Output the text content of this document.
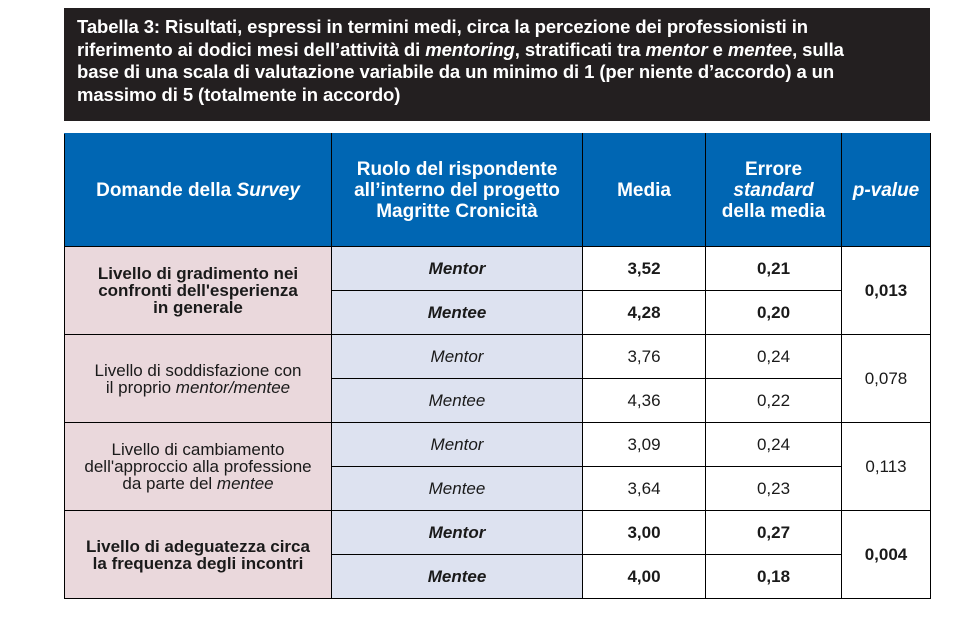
Tabella 3: Risultati, espressi in termini medi, circa la percezione dei professionisti in
riferimento ai dodici mesi dell’attività di mentoring, stratificati tra mentor e mentee, sulla
base di una scala di valutazione variabile da un minimo di 1 (per niente d’accordo) a un
massimo di 5 (totalmente in accordo)
Domande della Survey	Ruolo del rispondente
all’interno del progetto
Magritte Cronicità	Media	Errore
standard
della media	p-value

Livello di gradimento nei
confronti dell'esperienza
in generale	Mentor	3,52	0,21	0,013
	Mentee	4,28	0,20	

Livello di soddisfazione con
il proprio mentor/mentee	Mentor	3,76	0,24	0,078
	Mentee	4,36	0,22	

Livello di cambiamento
dell'approccio alla professione
da parte del mentee	Mentor	3,09	0,24	0,113
	Mentee	3,64	0,23	

Livello di adeguatezza circa
la frequenza degli incontri	Mentor	3,00	0,27	0,004
	Mentee	4,00	0,18	
